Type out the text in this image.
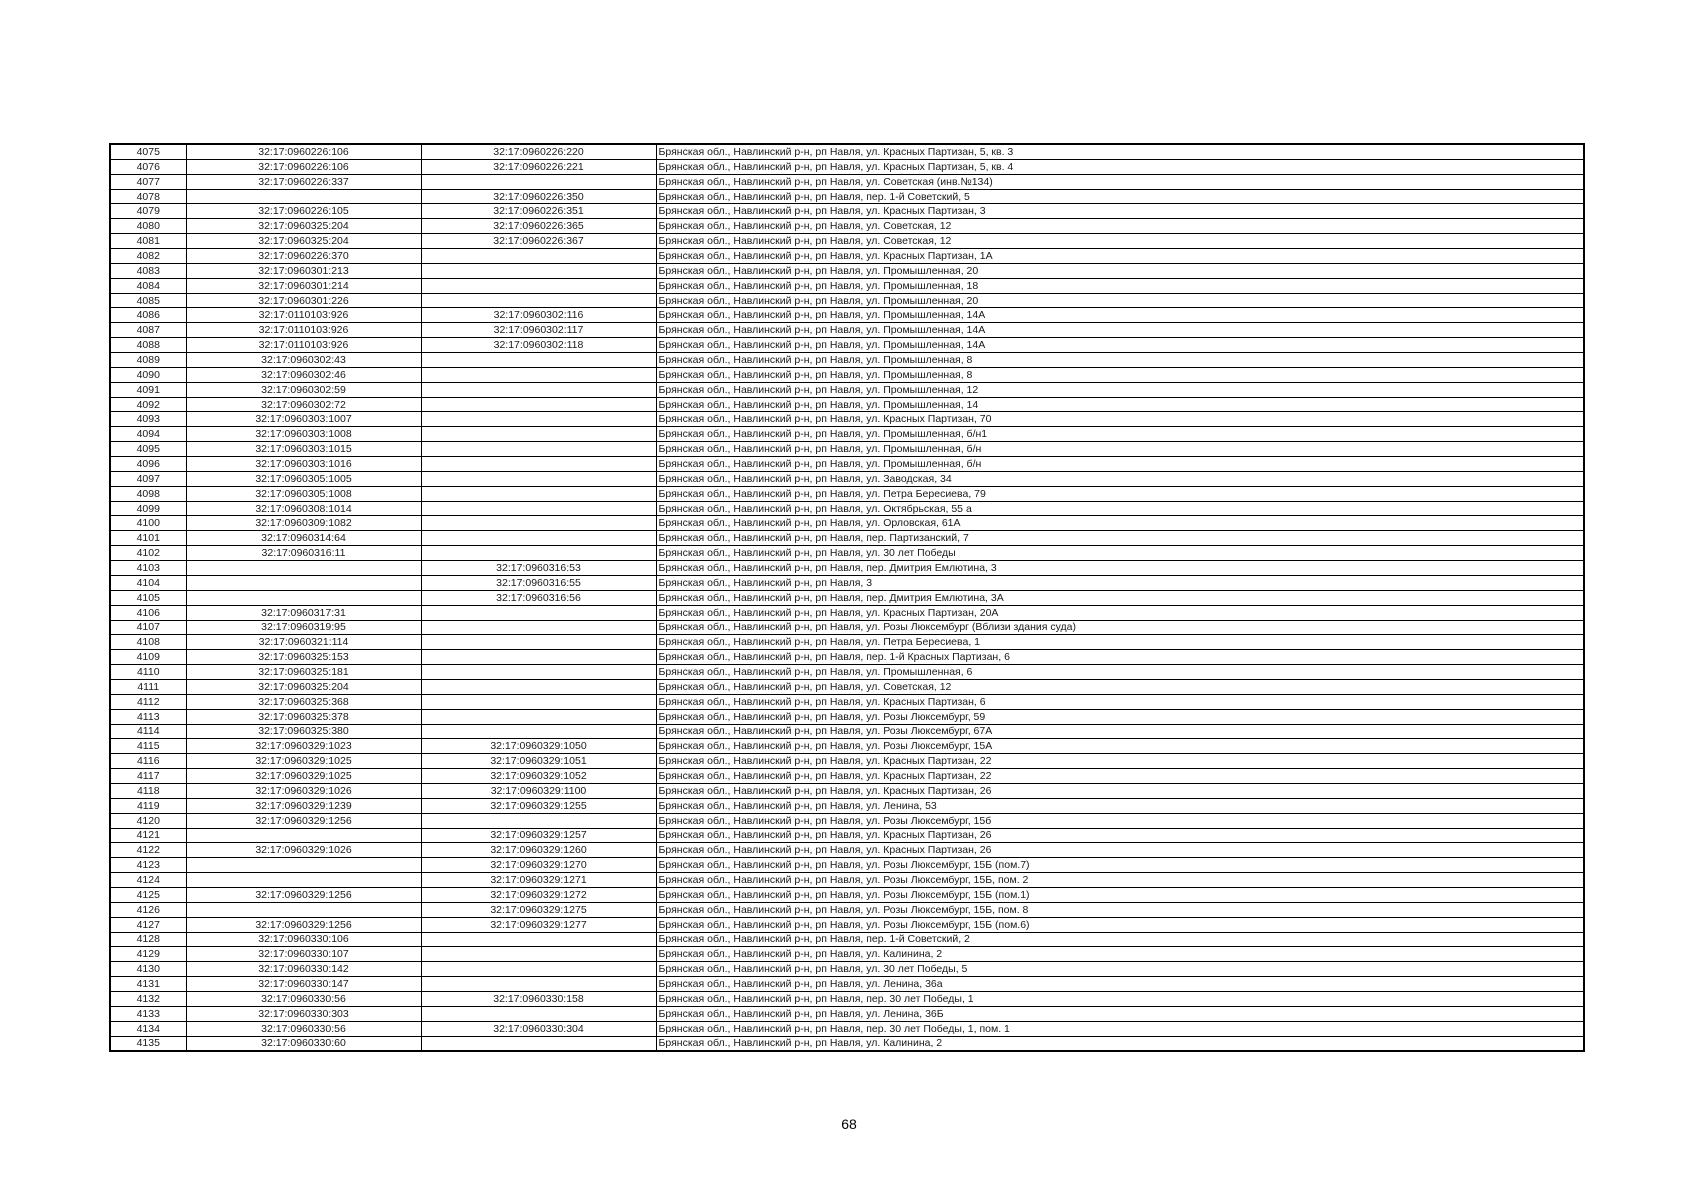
4075	32:17:0960226:106	32:17:0960226:220	Брянская обл., Навлинский р-н, рп Навля, ул. Красных Партизан, 5, кв. 3
4076	32:17:0960226:106	32:17:0960226:221	Брянская обл., Навлинский р-н, рп Навля, ул. Красных Партизан, 5, кв. 4
4077	32:17:0960226:337		Брянская обл., Навлинский р-н, рп Навля, ул. Советская (инв.№134)
4078		32:17:0960226:350	Брянская обл., Навлинский р-н, рп Навля, пер. 1-й Советский, 5
4079	32:17:0960226:105	32:17:0960226:351	Брянская обл., Навлинский р-н, рп Навля, ул. Красных Партизан, 3
4080	32:17:0960325:204	32:17:0960226:365	Брянская обл., Навлинский р-н, рп Навля, ул. Советская, 12
4081	32:17:0960325:204	32:17:0960226:367	Брянская обл., Навлинский р-н, рп Навля, ул. Советская, 12
4082	32:17:0960226:370		Брянская обл., Навлинский р-н, рп Навля, ул. Красных Партизан, 1А
4083	32:17:0960301:213		Брянская обл., Навлинский р-н, рп Навля, ул. Промышленная, 20
4084	32:17:0960301:214		Брянская обл., Навлинский р-н, рп Навля, ул. Промышленная, 18
4085	32:17:0960301:226		Брянская обл., Навлинский р-н, рп Навля, ул. Промышленная, 20
4086	32:17:0110103:926	32:17:0960302:116	Брянская обл., Навлинский р-н, рп Навля, ул. Промышленная, 14А
4087	32:17:0110103:926	32:17:0960302:117	Брянская обл., Навлинский р-н, рп Навля, ул. Промышленная, 14А
4088	32:17:0110103:926	32:17:0960302:118	Брянская обл., Навлинский р-н, рп Навля, ул. Промышленная, 14А
4089	32:17:0960302:43		Брянская обл., Навлинский р-н, рп Навля, ул. Промышленная, 8
4090	32:17:0960302:46		Брянская обл., Навлинский р-н, рп Навля, ул. Промышленная, 8
4091	32:17:0960302:59		Брянская обл., Навлинский р-н, рп Навля, ул. Промышленная, 12
4092	32:17:0960302:72		Брянская обл., Навлинский р-н, рп Навля, ул. Промышленная, 14
4093	32:17:0960303:1007		Брянская обл., Навлинский р-н, рп Навля, ул. Красных Партизан, 70
4094	32:17:0960303:1008		Брянская обл., Навлинский р-н, рп Навля, ул. Промышленная, б/н1
4095	32:17:0960303:1015		Брянская обл., Навлинский р-н, рп Навля, ул. Промышленная, б/н
4096	32:17:0960303:1016		Брянская обл., Навлинский р-н, рп Навля, ул. Промышленная, б/н
4097	32:17:0960305:1005		Брянская обл., Навлинский р-н, рп Навля, ул. Заводская, 34
4098	32:17:0960305:1008		Брянская обл., Навлинский р-н, рп Навля, ул. Петра Бересиева, 79
4099	32:17:0960308:1014		Брянская обл., Навлинский р-н, рп Навля, ул. Октябрьская, 55 а
4100	32:17:0960309:1082		Брянская обл., Навлинский р-н, рп Навля, ул. Орловская, 61А
4101	32:17:0960314:64		Брянская обл., Навлинский р-н, рп Навля, пер. Партизанский, 7
4102	32:17:0960316:11		Брянская обл., Навлинский р-н, рп Навля, ул. 30 лет Победы
4103		32:17:0960316:53	Брянская обл., Навлинский р-н, рп Навля, пер. Дмитрия Емлютина, 3
4104		32:17:0960316:55	Брянская обл., Навлинский р-н, рп Навля, 3
4105		32:17:0960316:56	Брянская обл., Навлинский р-н, рп Навля, пер. Дмитрия Емлютина, 3А
4106	32:17:0960317:31		Брянская обл., Навлинский р-н, рп Навля, ул. Красных Партизан, 20А
4107	32:17:0960319:95		Брянская обл., Навлинский р-н, рп Навля, ул. Розы Люксембург (Вблизи здания суда)
4108	32:17:0960321:114		Брянская обл., Навлинский р-н, рп Навля, ул. Петра Бересиева, 1
4109	32:17:0960325:153		Брянская обл., Навлинский р-н, рп Навля, пер. 1-й Красных Партизан, 6
4110	32:17:0960325:181		Брянская обл., Навлинский р-н, рп Навля, ул. Промышленная, 6
4111	32:17:0960325:204		Брянская обл., Навлинский р-н, рп Навля, ул. Советская, 12
4112	32:17:0960325:368		Брянская обл., Навлинский р-н, рп Навля, ул. Красных Партизан, 6
4113	32:17:0960325:378		Брянская обл., Навлинский р-н, рп Навля, ул. Розы Люксембург, 59
4114	32:17:0960325:380		Брянская обл., Навлинский р-н, рп Навля, ул. Розы Люксембург, 67А
4115	32:17:0960329:1023	32:17:0960329:1050	Брянская обл., Навлинский р-н, рп Навля, ул. Розы Люксембург, 15А
4116	32:17:0960329:1025	32:17:0960329:1051	Брянская обл., Навлинский р-н, рп Навля, ул. Красных Партизан, 22
4117	32:17:0960329:1025	32:17:0960329:1052	Брянская обл., Навлинский р-н, рп Навля, ул. Красных Партизан, 22
4118	32:17:0960329:1026	32:17:0960329:1100	Брянская обл., Навлинский р-н, рп Навля, ул. Красных Партизан, 26
4119	32:17:0960329:1239	32:17:0960329:1255	Брянская обл., Навлинский р-н, рп Навля, ул. Ленина, 53
4120	32:17:0960329:1256		Брянская обл., Навлинский р-н, рп Навля, ул. Розы Люксембург, 15б
4121		32:17:0960329:1257	Брянская обл., Навлинский р-н, рп Навля, ул. Красных Партизан, 26
4122	32:17:0960329:1026	32:17:0960329:1260	Брянская обл., Навлинский р-н, рп Навля, ул. Красных Партизан, 26
4123		32:17:0960329:1270	Брянская обл., Навлинский р-н, рп Навля, ул. Розы Люксембург, 15Б (пом.7)
4124		32:17:0960329:1271	Брянская обл., Навлинский р-н, рп Навля, ул. Розы Люксембург, 15Б, пом. 2
4125	32:17:0960329:1256	32:17:0960329:1272	Брянская обл., Навлинский р-н, рп Навля, ул. Розы Люксембург, 15Б (пом.1)
4126		32:17:0960329:1275	Брянская обл., Навлинский р-н, рп Навля, ул. Розы Люксембург, 15Б, пом. 8
4127	32:17:0960329:1256	32:17:0960329:1277	Брянская обл., Навлинский р-н, рп Навля, ул. Розы Люксембург, 15Б (пом.6)
4128	32:17:0960330:106		Брянская обл., Навлинский р-н, рп Навля, пер. 1-й Советский, 2
4129	32:17:0960330:107		Брянская обл., Навлинский р-н, рп Навля, ул. Калинина, 2
4130	32:17:0960330:142		Брянская обл., Навлинский р-н, рп Навля, ул. 30 лет Победы, 5
4131	32:17:0960330:147		Брянская обл., Навлинский р-н, рп Навля, ул. Ленина, 36а
4132	32:17:0960330:56	32:17:0960330:158	Брянская обл., Навлинский р-н, рп Навля, пер. 30 лет Победы, 1
4133	32:17:0960330:303		Брянская обл., Навлинский р-н, рп Навля, ул. Ленина, 36Б
4134	32:17:0960330:56	32:17:0960330:304	Брянская обл., Навлинский р-н, рп Навля, пер. 30 лет Победы, 1, пом. 1
4135	32:17:0960330:60		Брянская обл., Навлинский р-н, рп Навля, ул. Калинина, 2
68
